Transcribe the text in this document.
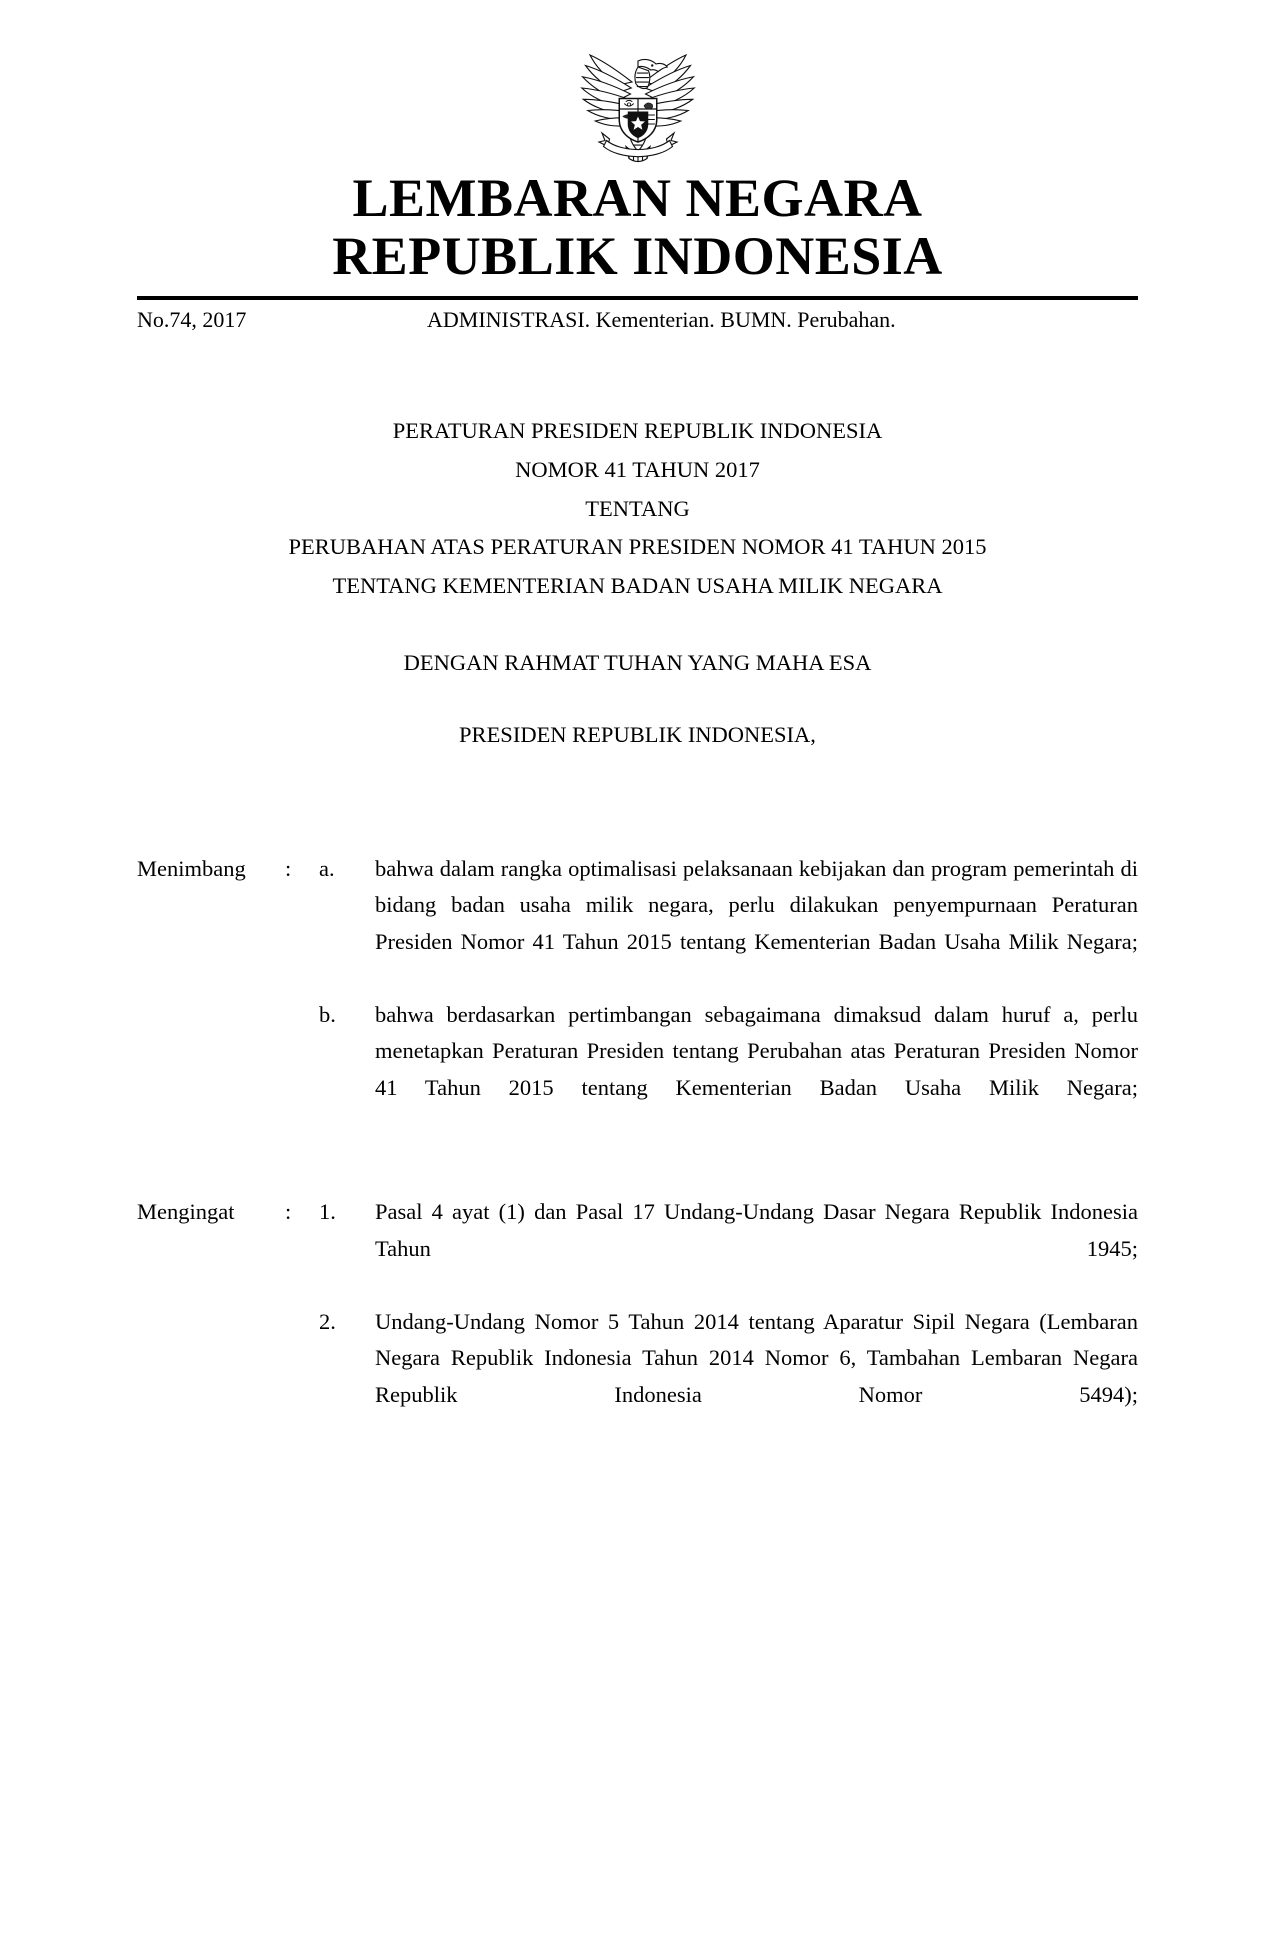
LEMBARAN NEGARA
REPUBLIK INDONESIA
No.74, 2017	ADMINISTRASI. Kementerian. BUMN. Perubahan.
PERATURAN PRESIDEN REPUBLIK INDONESIA
NOMOR 41 TAHUN 2017
TENTANG
PERUBAHAN ATAS PERATURAN PRESIDEN NOMOR 41 TAHUN 2015
TENTANG KEMENTERIAN BADAN USAHA MILIK NEGARA
DENGAN RAHMAT TUHAN YANG MAHA ESA
PRESIDEN REPUBLIK INDONESIA,
Menimbang	:	a.	bahwa dalam rangka optimalisasi pelaksanaan kebijakan dan program pemerintah di bidang badan usaha milik negara, perlu dilakukan penyempurnaan Peraturan Presiden Nomor 41 Tahun 2015 tentang Kementerian Badan Usaha Milik Negara;
b.	bahwa berdasarkan pertimbangan sebagaimana dimaksud dalam huruf a, perlu menetapkan Peraturan Presiden tentang Perubahan atas Peraturan Presiden Nomor 41 Tahun 2015 tentang Kementerian Badan Usaha Milik Negara;
Mengingat	:	1.	Pasal 4 ayat (1) dan Pasal 17 Undang-Undang Dasar Negara Republik Indonesia Tahun 1945;
2.	Undang-Undang Nomor 5 Tahun 2014 tentang Aparatur Sipil Negara (Lembaran Negara Republik Indonesia Tahun 2014 Nomor 6, Tambahan Lembaran Negara Republik Indonesia Nomor 5494);
